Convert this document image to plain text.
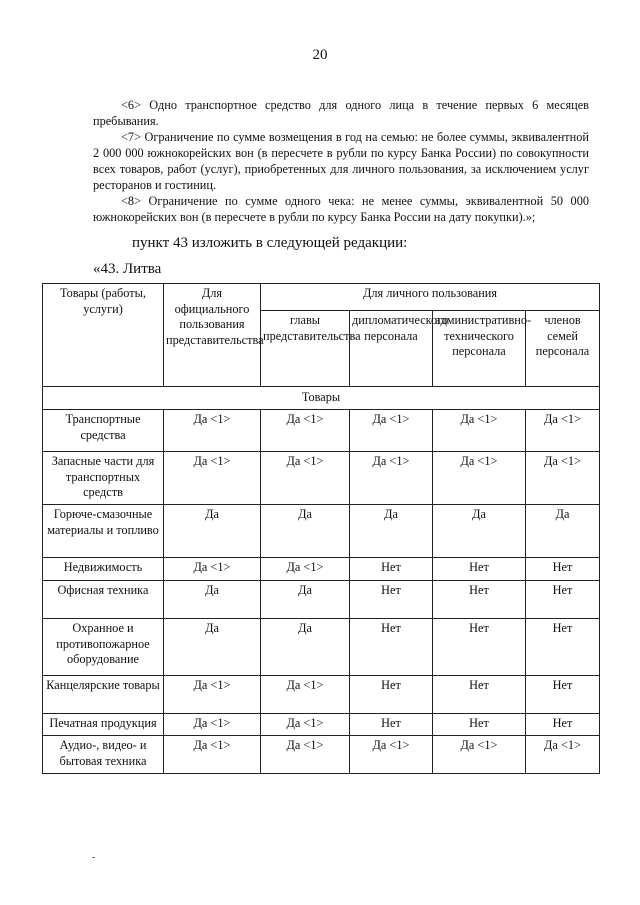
20

<6> Одно транспортное средство для одного лица в течение первых 6 месяцев пребывания.

<7> Ограничение по сумме возмещения в год на семью: не более суммы, эквивалентной 2 000 000 южнокорейских вон (в пересчете в рубли по курсу Банка России) по совокупности всех товаров, работ (услуг), приобретенных для личного пользования, за исключением услуг ресторанов и гостиниц.

<8> Ограничение по сумме одного чека: не менее суммы, эквивалентной 50 000 южнокорейских вон (в пересчете в рубли по курсу Банка России на дату покупки).»;

пункт 43 изложить в следующей редакции:
«43. Литва
Товары (работы, услуги)	Для официального пользования представительства	Для личного пользования			
		главы представительства	дипломатического персонала	административно-технического персонала	членов семей персонала
Товары					
Транспортные средства	Да <1>	Да <1>	Да <1>	Да <1>	Да <1>
Запасные части для транспортных средств	Да <1>	Да <1>	Да <1>	Да <1>	Да <1>
Горюче-смазочные материалы и топливо	Да	Да	Да	Да	Да
Недвижимость	Да <1>	Да <1>	Нет	Нет	Нет
Офисная техника	Да	Да	Нет	Нет	Нет
Охранное и противопожарное оборудование	Да	Да	Нет	Нет	Нет
Канцелярские товары	Да <1>	Да <1>	Нет	Нет	Нет
Печатная продукция	Да <1>	Да <1>	Нет	Нет	Нет
Аудио-, видео- и бытовая техника	Да <1>	Да <1>	Да <1>	Да <1>	Да <1>
-
